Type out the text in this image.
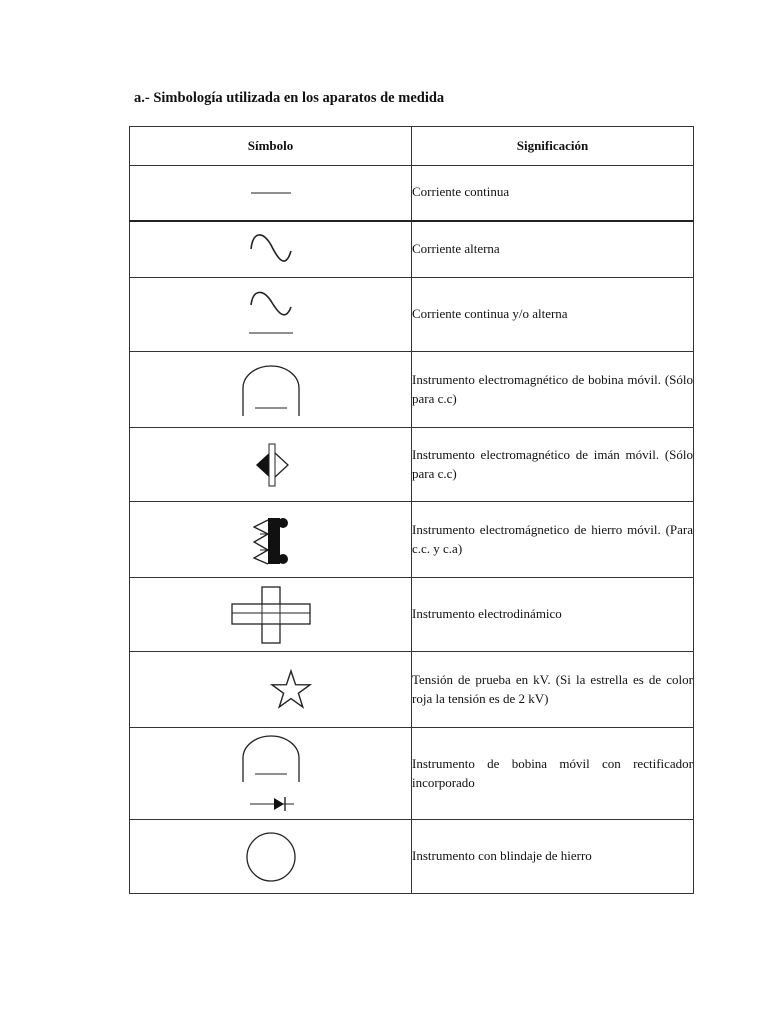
a.- Simbología utilizada en los aparatos de medida
Símbolo	Significación

Corriente continua

Corriente alterna

Corriente continua y/o alterna

Instrumento electromagnético de bobina móvil. (Sólo para c.c)

Instrumento electromagnético de imán móvil. (Sólo para c.c)

Instrumento electromágnetico de hierro móvil. (Para c.c. y c.a)

Instrumento electrodinámico

Tensión de prueba en kV. (Si la estrella es de color roja la tensión es de 2 kV)

Instrumento de bobina móvil con rectificador incorporado

Instrumento con blindaje de hierro
